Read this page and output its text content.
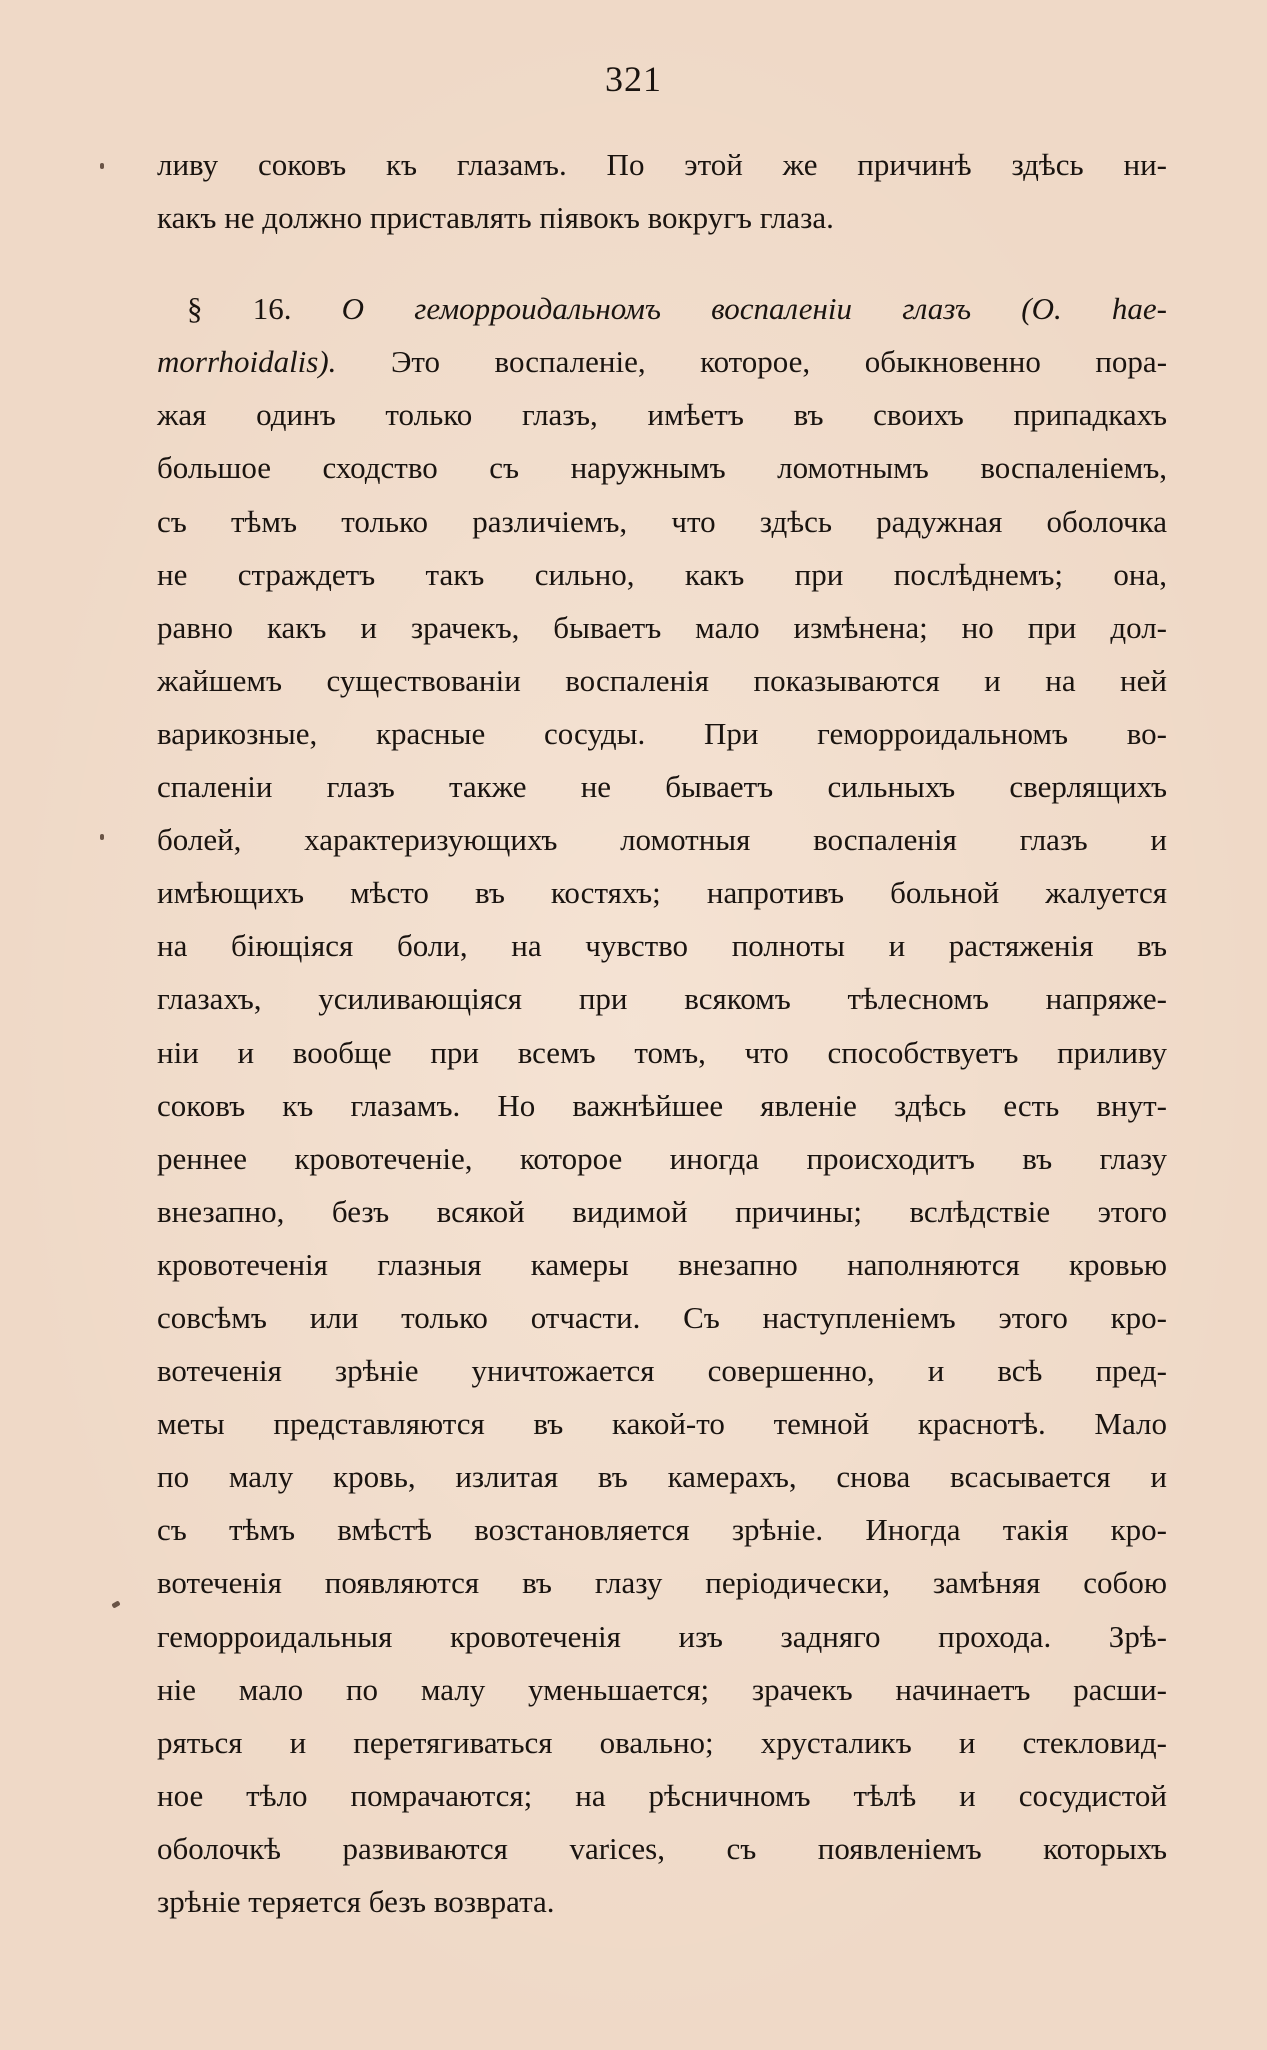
321
ливу соковъ къ глазамъ. По этой же причинѣ здѣсь ни-
какъ не должно приставлять піявокъ вокругъ глаза.
§ 16. О геморроидальномъ воспаленіи глазъ (O. hae-
morrhoidalis). Это воспаленіе, которое, обыкновенно пора-
жая одинъ только глазъ, имѣетъ въ своихъ припадкахъ
большое сходство съ наружнымъ ломотнымъ воспаленіемъ,
съ тѣмъ только различіемъ, что здѣсь радужная оболочка
не страждетъ такъ сильно, какъ при послѣднемъ; она,
равно какъ и зрачекъ, бываетъ мало измѣнена; но при дол-
жайшемъ существованіи воспаленія показываются и на ней
варикозные, красные сосуды. При геморроидальномъ во-
спаленіи глазъ также не бываетъ сильныхъ сверлящихъ
болей, характеризующихъ ломотныя воспаленія глазъ и
имѣющихъ мѣсто въ костяхъ; напротивъ больной жалуется
на біющіяся боли, на чувство полноты и растяженія въ
глазахъ, усиливающіяся при всякомъ тѣлесномъ напряже-
ніи и вообще при всемъ томъ, что способствуетъ приливу
соковъ къ глазамъ. Но важнѣйшее явленіе здѣсь есть внут-
реннее кровотеченіе, которое иногда происходитъ въ глазу
внезапно, безъ всякой видимой причины; вслѣдствіе этого
кровотеченія глазныя камеры внезапно наполняются кровью
совсѣмъ или только отчасти. Съ наступленіемъ этого кро-
вотеченія зрѣніе уничтожается совершенно, и всѣ пред-
меты представляются въ какой-то темной краснотѣ. Мало
по малу кровь, излитая въ камерахъ, снова всасывается и
съ тѣмъ вмѣстѣ возстановляется зрѣніе. Иногда такія кро-
вотеченія появляются въ глазу періодически, замѣняя собою
геморроидальныя кровотеченія изъ задняго прохода. Зрѣ-
ніе мало по малу уменьшается; зрачекъ начинаетъ расши-
ряться и перетягиваться овально; хрусталикъ и стекловид-
ное тѣло помрачаются; на рѣсничномъ тѣлѣ и сосудистой
оболочкѣ развиваются varices, съ появленіемъ которыхъ
зрѣніе теряется безъ возврата.
